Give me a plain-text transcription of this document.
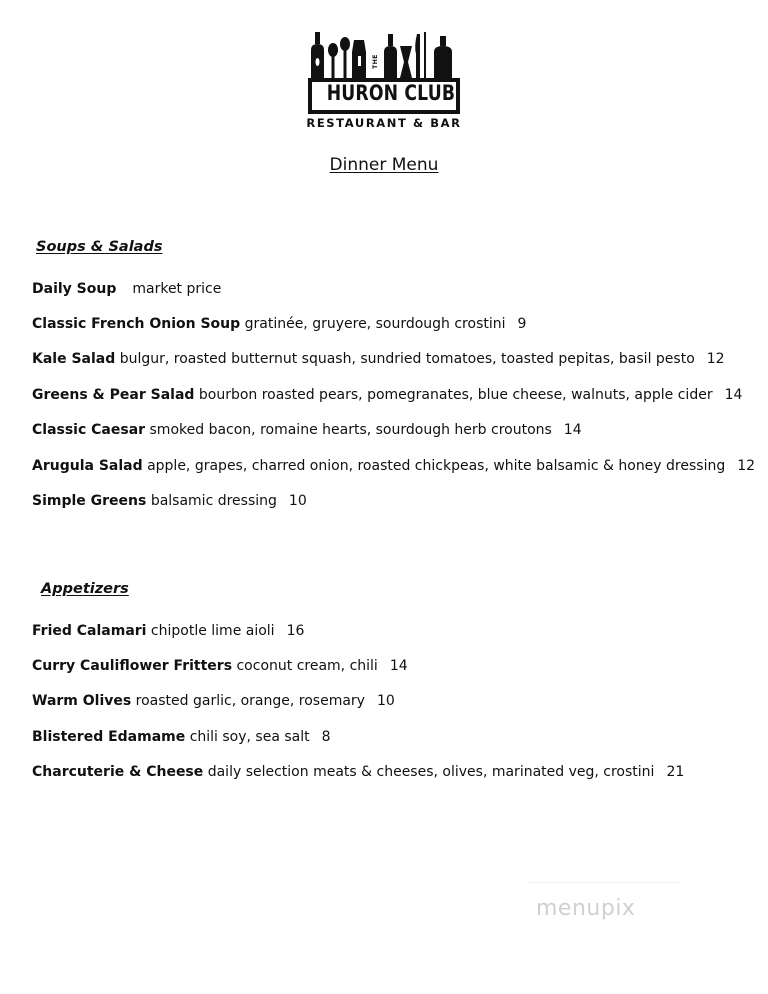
THE
HURON CLUB
RESTAURANT & BAR
Dinner Menu
Soups & Salads
Daily Soup market price
Classic French Onion Soup gratinée, gruyere, sourdough crostini 9
Kale Salad bulgur, roasted butternut squash, sundried tomatoes, toasted pepitas, basil pesto 12
Greens & Pear Salad bourbon roasted pears, pomegranates, blue cheese, walnuts, apple cider 14
Classic Caesar smoked bacon, romaine hearts, sourdough herb croutons 14
Arugula Salad apple, grapes, charred onion, roasted chickpeas, white balsamic & honey dressing 12
Simple Greens balsamic dressing 10
Appetizers
Fried Calamari chipotle lime aioli 16
Curry Cauliflower Fritters coconut cream, chili 14
Warm Olives roasted garlic, orange, rosemary 10
Blistered Edamame chili soy, sea salt 8
Charcuterie & Cheese daily selection meats & cheeses, olives, marinated veg, crostini 21
menupix
